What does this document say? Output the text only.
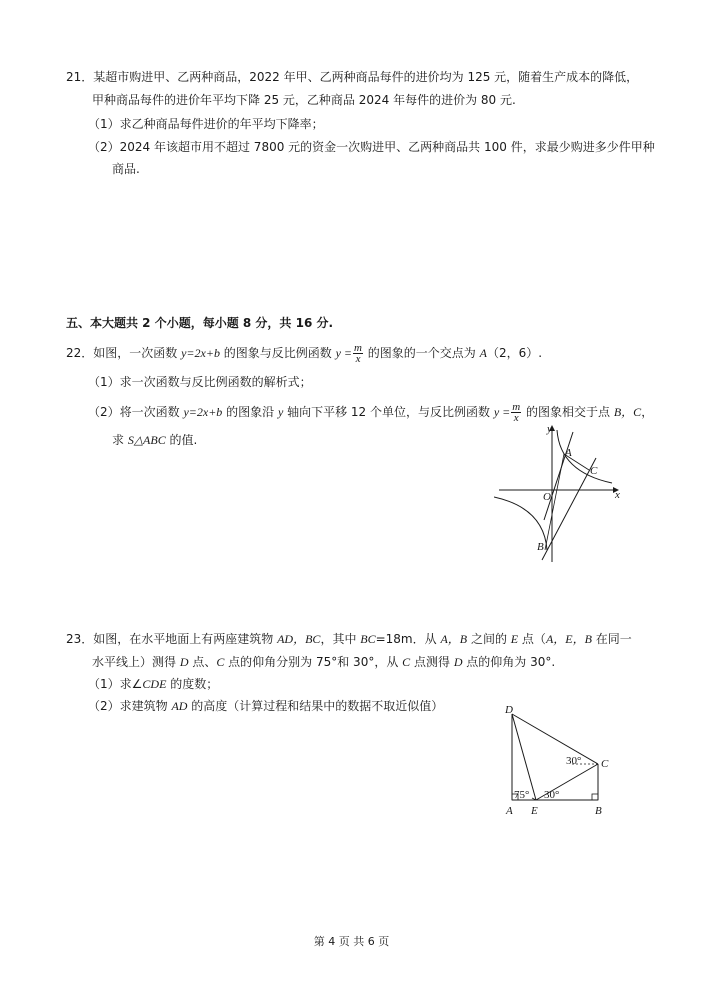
21．某超市购进甲、乙两种商品，2022 年甲、乙两种商品每件的进价均为 125 元，随着生产成本的降低，
甲种商品每件的进价年平均下降 25 元，乙种商品 2024 年每件的进价为 80 元.
（1）求乙种商品每件进价的年平均下降率；
（2）2024 年该超市用不超过 7800 元的资金一次购进甲、乙两种商品共 100 件，求最少购进多少件甲种
商品.
五、本大题共 2 个小题，每小题 8 分，共 16 分.
22．如图，一次函数 y=2x+b 的图象与反比例函数 $y = \frac{m}{x}$ 的图象的一个交点为 A（2，6）.
（1）求一次函数与反比例函数的解析式；
（2）将一次函数 y=2x+b 的图象沿 y 轴向下平移 12 个单位，与反比例函数 $y = \frac{m}{x}$ 的图象相交于点 B，C，
求 S△ABC 的值.
y
x
O
A
C
B
23．如图，在水平地面上有两座建筑物 AD，BC，其中 BC=18m．从 A，B 之间的 E 点（A，E，B 在同一
水平线上）测得 D 点、C 点的仰角分别为 75°和 30°，从 C 点测得 D 点的仰角为 30°.
（1）求∠CDE 的度数；
（2）求建筑物 AD 的高度（计算过程和结果中的数据不取近似值）	D
C
A E	B
30°
75° 30°
第 4 页 共 6 页
